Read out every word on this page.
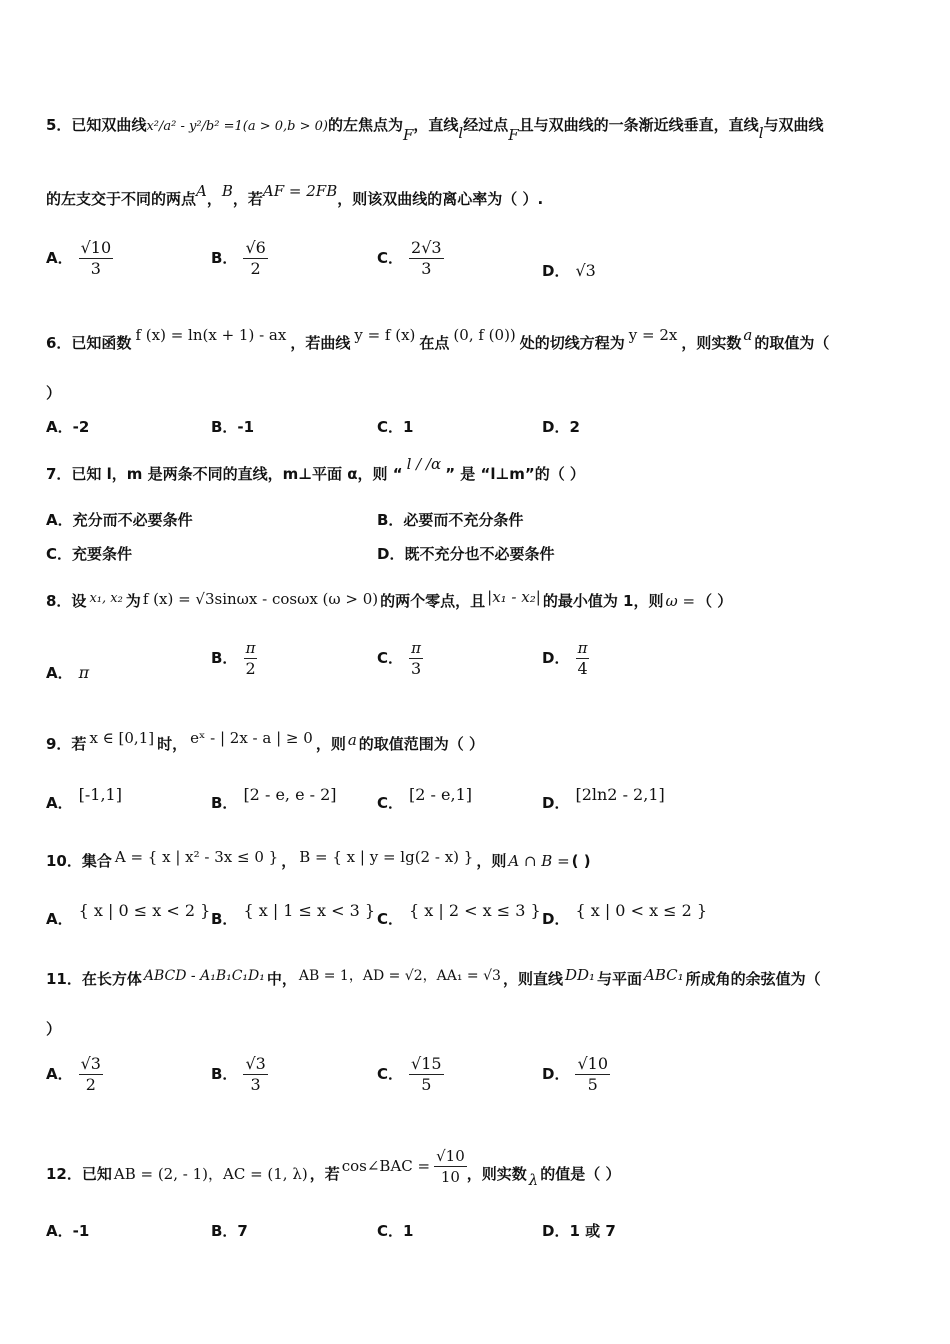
5．已知双曲线x²/a² - y²/b² =1(a > 0,b > 0)的左焦点为F，直线l经过点F且与双曲线的一条渐近线垂直，直线l与双曲线
的左支交于不同的两点A，B，若AF = 2FB，则该双曲线的离心率为（ ）.
A． $\frac{√10}{3}$	B． $\frac{√6}{2}$	C． $\frac{2√3}{3}$	D． √3
6．已知函数 f (x) = ln(x + 1) - ax ，若曲线 y = f (x) 在点 (0, f (0)) 处的切线方程为 y = 2x ，则实数 a 的取值为（
）
A．-2	B．-1	C．1	D．2
7．已知 l，m 是两条不同的直线，m⊥平面 α，则 “l / /α” 是 “l⊥m”的（ ）
A．充分而不必要条件	B．必要而不充分条件
C．充要条件	D．既不充分也不必要条件
8．设 x₁, x₂ 为 f (x) = √3sinωx - cosωx (ω > 0) 的两个零点，且 |x₁ - x₂| 的最小值为 1，则 ω = （ ）
A． π
B． $\frac{\pi}{2}$	C． $\frac{\pi}{3}$	D． $\frac{\pi}{4}$
9．若 x ∈ [0,1] 时， eˣ - | 2x - a | ≥ 0 ，则 a 的取值范围为（ ）
A． [-1,1]	B． [2 - e, e - 2]	C． [2 - e,1]	D． [2ln2 - 2,1]
10．集合 A = { x | x² - 3x ≤ 0 } ， B = { x | y = lg(2 - x) } ，则 A ∩ B = ( )
A． { x | 0 ≤ x < 2 } B． { x | 1 ≤ x < 3 } C． { x | 2 < x ≤ 3 } D． { x | 0 < x ≤ 2 }
11．在长方体 ABCD - A₁B₁C₁D₁ 中， AB = 1，AD = √2，AA₁ = √3 ，则直线 DD₁ 与平面 ABC₁ 所成角的余弦值为（
）
A． $\frac{√3}{2}$	B． $\frac{√3}{3}$	C． $\frac{√15}{5}$	D． $\frac{√10}{5}$
12．已知 AB = (2, - 1)，AC = (1, λ) ，若 cos∠BAC = $\frac{√10}{10}$ ，则实数 λ 的值是（ ）
A．-1	B．7	C．1	D．1 或 7
